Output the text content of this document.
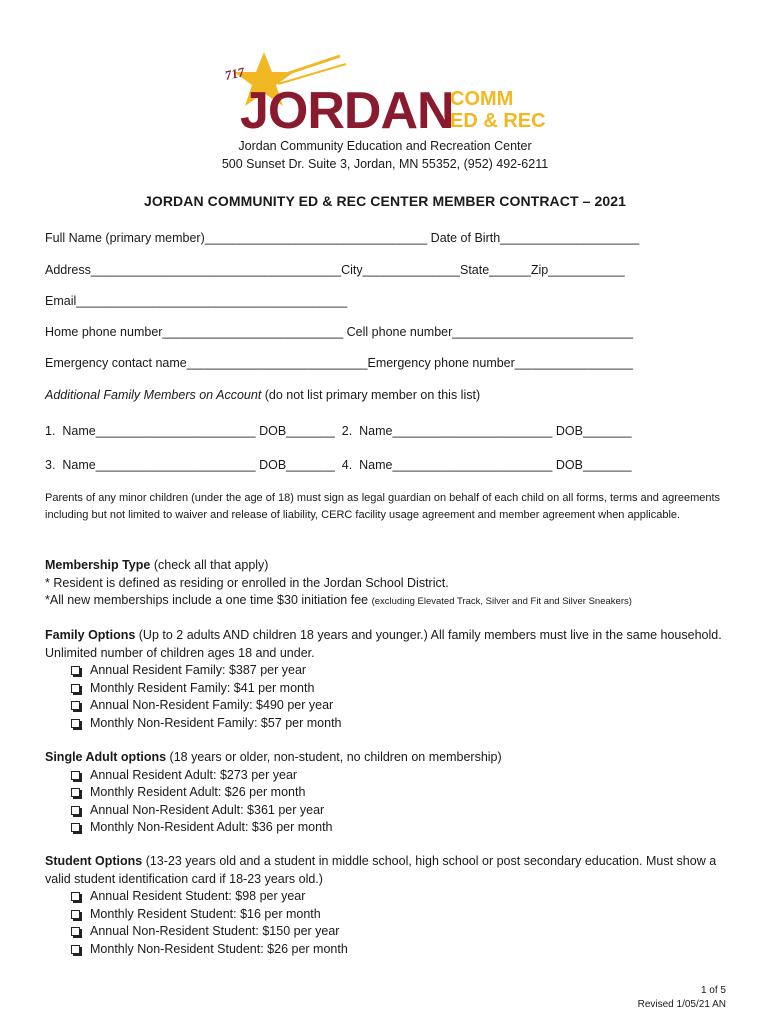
717
JORDAN
COMM
ED & REC
Jordan Community Education and Recreation Center
500 Sunset Dr. Suite 3, Jordan, MN 55352, (952) 492-6211
JORDAN COMMUNITY ED & REC CENTER MEMBER CONTRACT – 2021
Full Name (primary member)________________________________ Date of Birth____________________
Address____________________________________City______________State______Zip___________
Email_______________________________________
Home phone number__________________________ Cell phone number__________________________
Emergency contact name__________________________Emergency phone number_________________
Additional Family Members on Account (do not list primary member on this list)
1.  Name_______________________ DOB_______  2.  Name_______________________ DOB_______
3.  Name_______________________ DOB_______  4.  Name_______________________ DOB_______
Parents of any minor children (under the age of 18) must sign as legal guardian on behalf of each child on all forms, terms and agreements including but not limited to waiver and release of liability, CERC facility usage agreement and member agreement when applicable.
Membership Type (check all that apply)
* Resident is defined as residing or enrolled in the Jordan School District.
*All new memberships include a one time $30 initiation fee (excluding Elevated Track, Silver and Fit and Silver Sneakers)
Family Options (Up to 2 adults AND children 18 years and younger.) All family members must live in the same household. Unlimited number of children ages 18 and under.
Annual Resident Family: $387 per year
Monthly Resident Family: $41 per month
Annual Non-Resident Family: $490 per year
Monthly Non-Resident Family: $57 per month
Single Adult options (18 years or older, non-student, no children on membership)
Annual Resident Adult: $273 per year
Monthly Resident Adult: $26 per month
Annual Non-Resident Adult: $361 per year
Monthly Non-Resident Adult: $36 per month
Student Options (13-23 years old and a student in middle school, high school or post secondary education. Must show a valid student identification card if 18-23 years old.)
Annual Resident Student: $98 per year
Monthly Resident Student: $16 per month
Annual Non-Resident Student: $150 per year
Monthly Non-Resident Student: $26 per month
1 of 5
Revised 1/05/21 AN
